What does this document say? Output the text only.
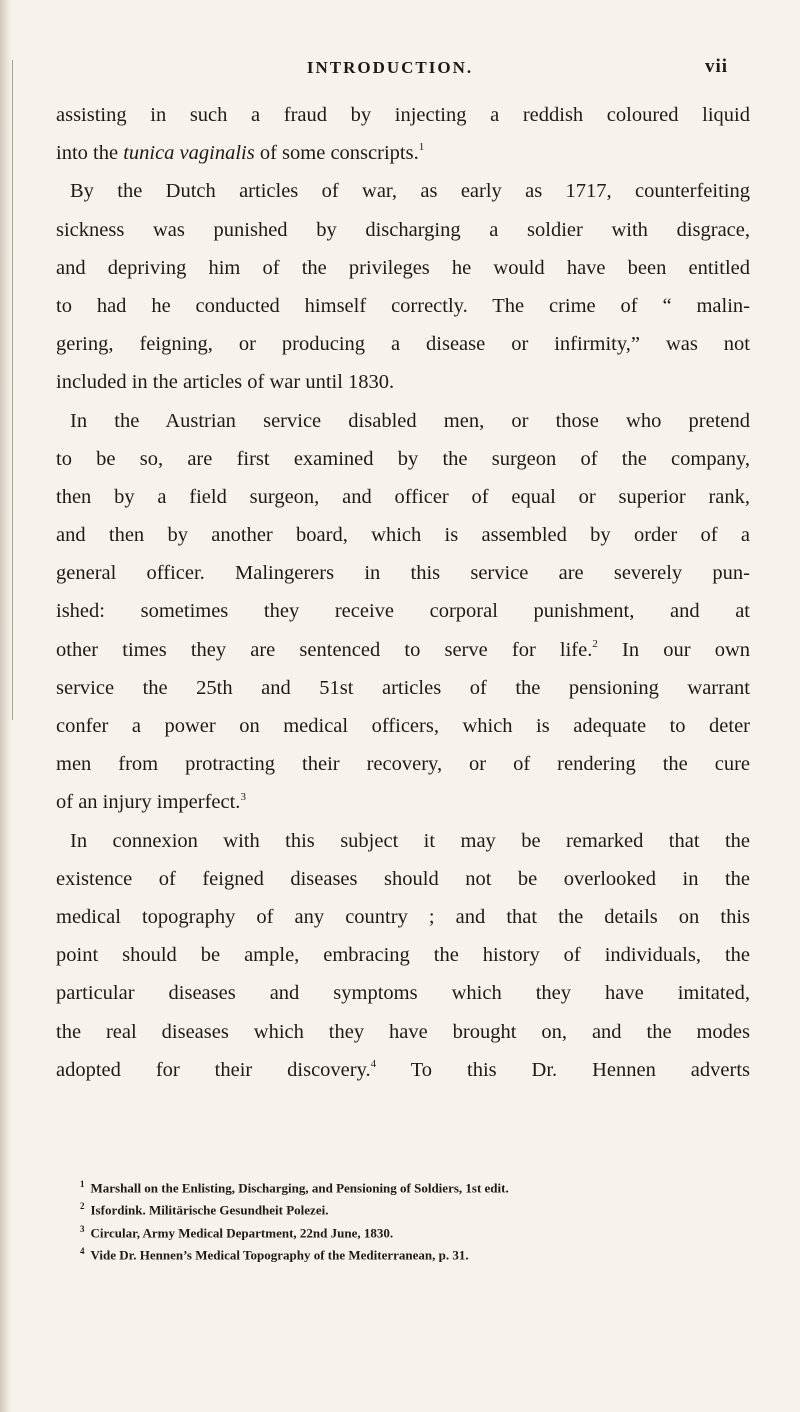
INTRODUCTION.	vii
assisting in such a fraud by injecting a reddish coloured liquid
into the tunica vaginalis of some conscripts.$^1$
By the Dutch articles of war, as early as 1717, counterfeiting
sickness was punished by discharging a soldier with disgrace,
and depriving him of the privileges he would have been entitled
to had he conducted himself correctly. The crime of “ malin-
gering, feigning, or producing a disease or infirmity,” was not
included in the articles of war until 1830.
In the Austrian service disabled men, or those who pretend
to be so, are first examined by the surgeon of the company,
then by a field surgeon, and officer of equal or superior rank,
and then by another board, which is assembled by order of a
general officer. Malingerers in this service are severely pun-
ished: sometimes they receive corporal punishment, and at
other times they are sentenced to serve for life.$^2$ In our own
service the 25th and 51st articles of the pensioning warrant
confer a power on medical officers, which is adequate to deter
men from protracting their recovery, or of rendering the cure
of an injury imperfect.$^3$
In connexion with this subject it may be remarked that the
existence of feigned diseases should not be overlooked in the
medical topography of any country ; and that the details on this
point should be ample, embracing the history of individuals, the
particular diseases and symptoms which they have imitated,
the real diseases which they have brought on, and the modes
adopted for their discovery.$^4$ To this Dr. Hennen adverts
$^1$ Marshall on the Enlisting, Discharging, and Pensioning of Soldiers, 1st edit.
$^2$ Isfordink. Militärische Gesundheit Polezei.
$^3$ Circular, Army Medical Department, 22nd June, 1830.
$^4$ Vide Dr. Hennen’s Medical Topography of the Mediterranean, p. 31.
